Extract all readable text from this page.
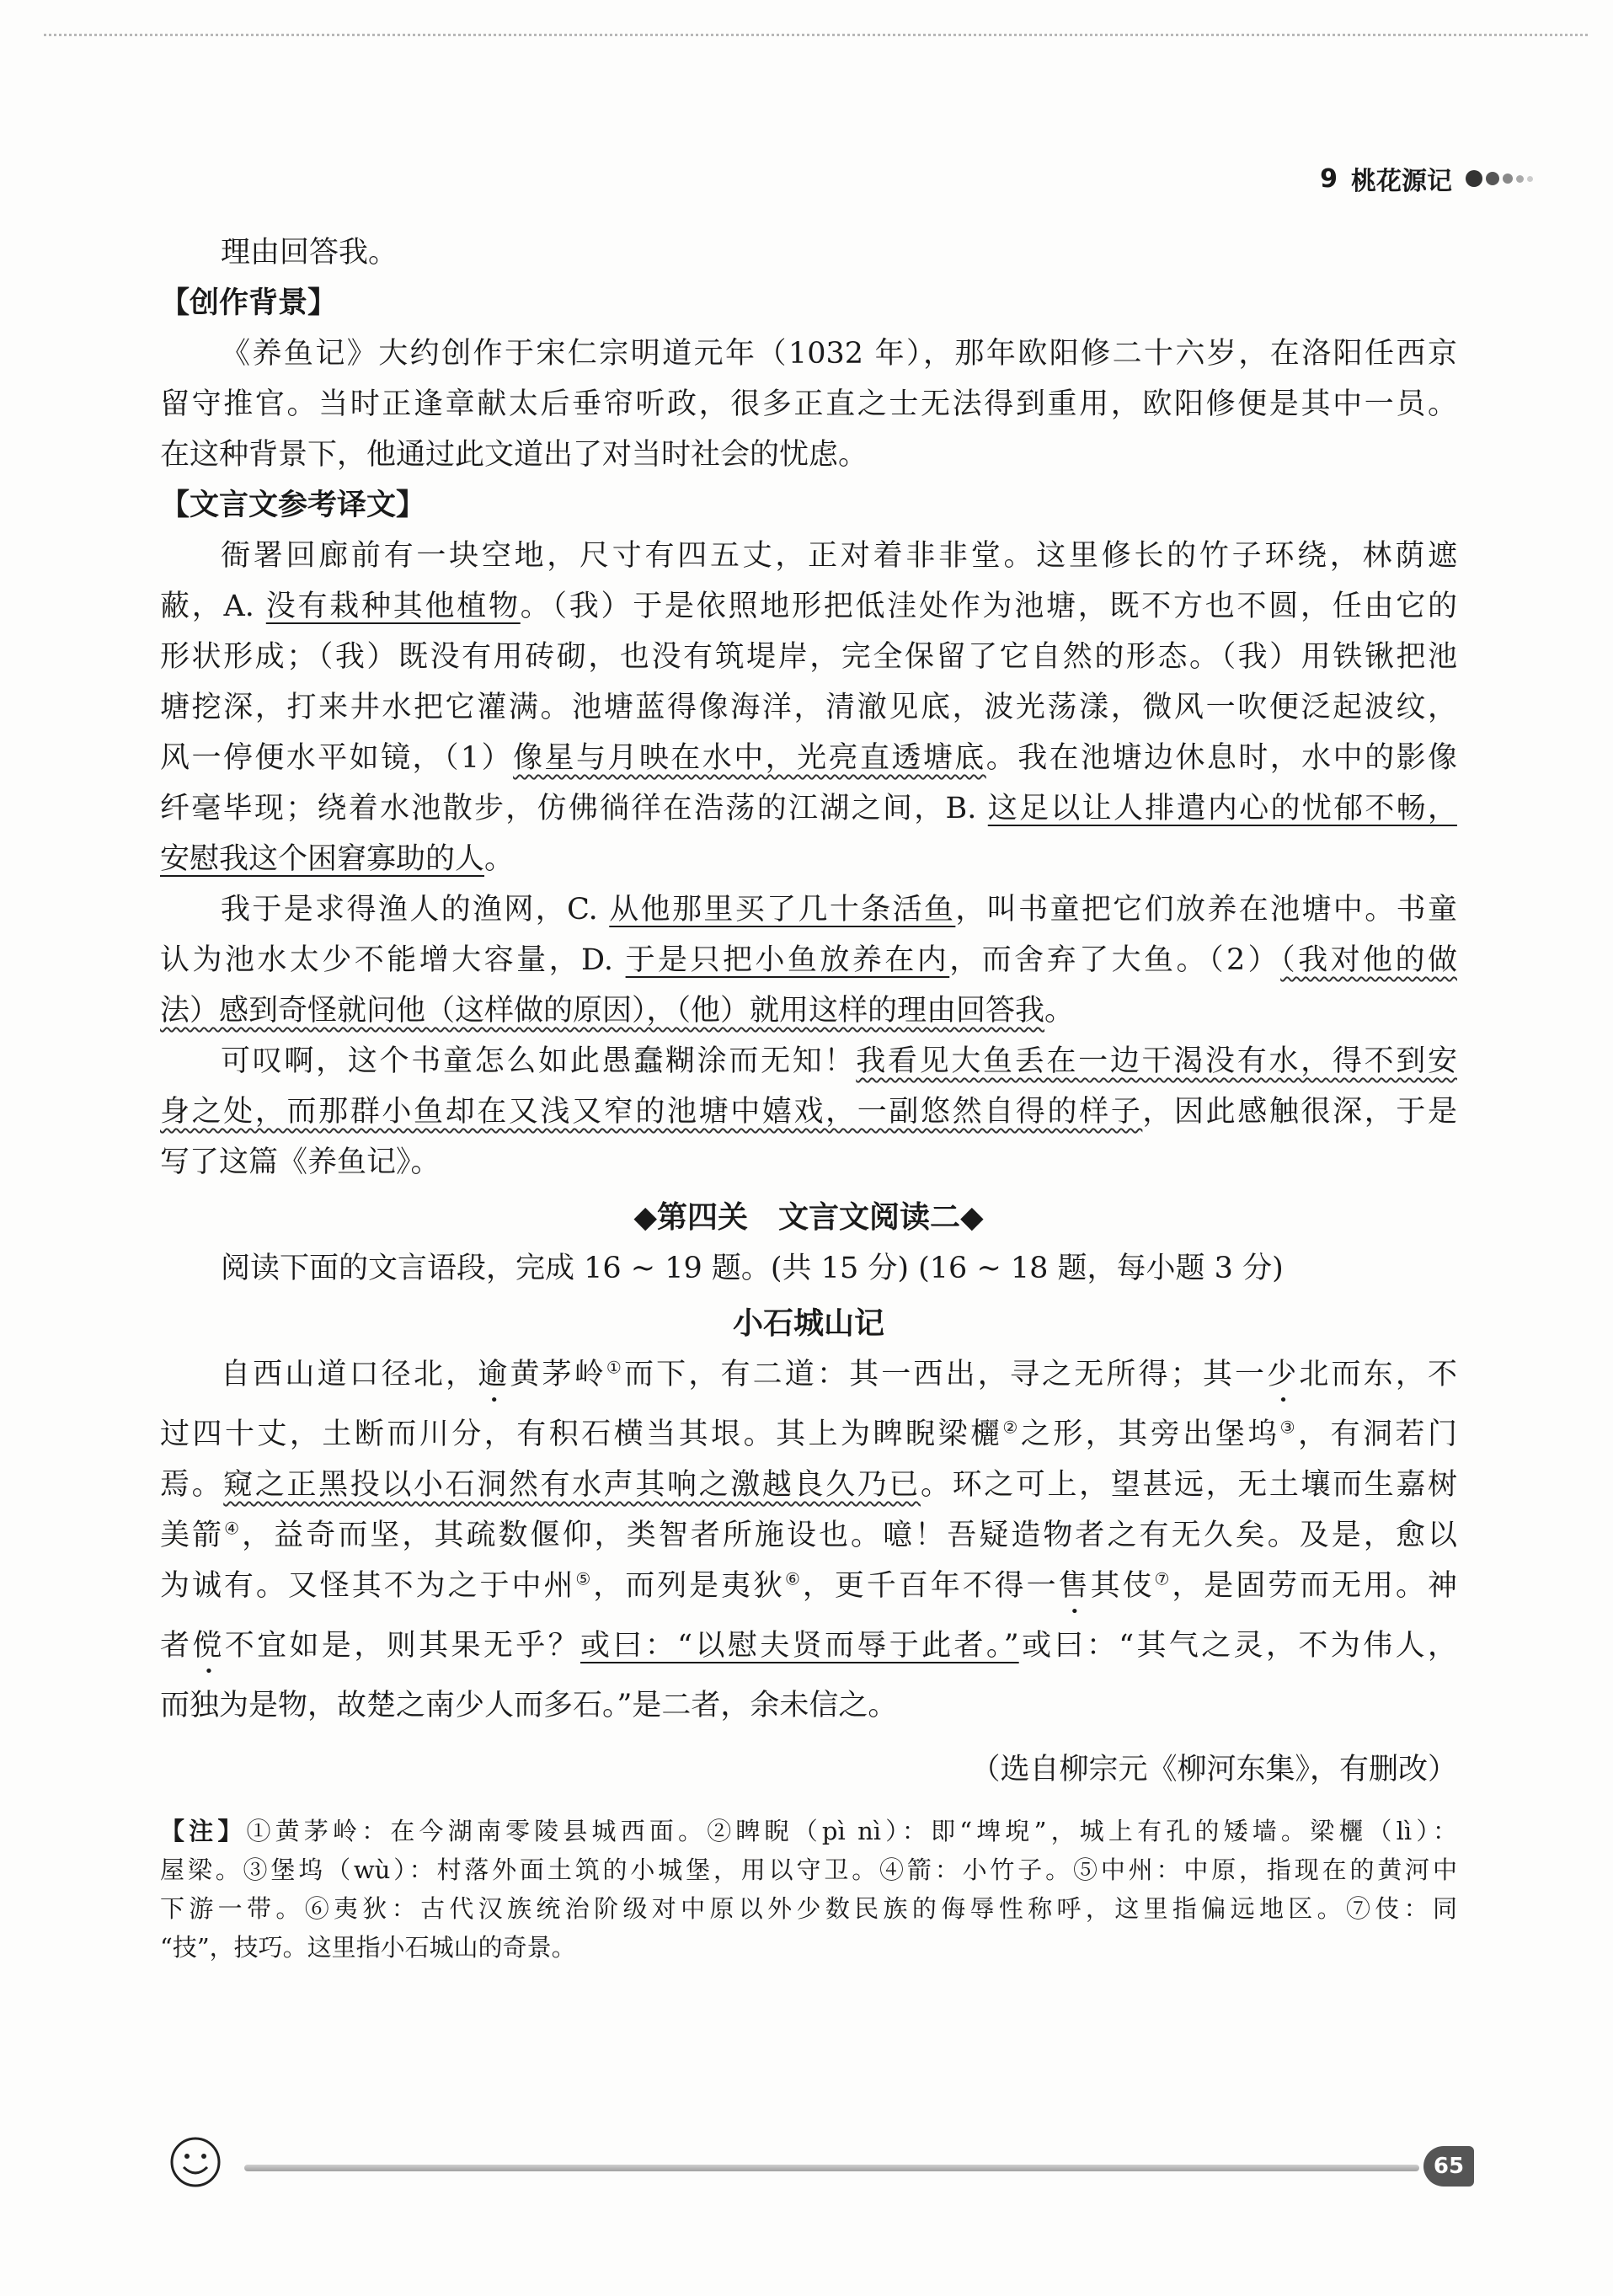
9 桃花源记
理由回答我。
【创作背景】
《养鱼记》大约创作于宋仁宗明道元年（1032 年），那年欧阳修二十六岁，在洛阳任西京
留守推官。当时正逢章献太后垂帘听政，很多正直之士无法得到重用，欧阳修便是其中一员。
在这种背景下，他通过此文道出了对当时社会的忧虑。
【文言文参考译文】
衙署回廊前有一块空地，尺寸有四五丈，正对着非非堂。这里修长的竹子环绕，林荫遮
蔽，A. 没有栽种其他植物。（我）于是依照地形把低洼处作为池塘，既不方也不圆，任由它的
形状形成；（我）既没有用砖砌，也没有筑堤岸，完全保留了它自然的形态。（我）用铁锹把池
塘挖深，打来井水把它灌满。池塘蓝得像海洋，清澈见底，波光荡漾，微风一吹便泛起波纹，
风一停便水平如镜，（1）像星与月映在水中，光亮直透塘底。我在池塘边休息时，水中的影像
纤毫毕现；绕着水池散步，仿佛徜徉在浩荡的江湖之间，B. 这足以让人排遣内心的忧郁不畅，
安慰我这个困窘寡助的人。
我于是求得渔人的渔网，C. 从他那里买了几十条活鱼，叫书童把它们放养在池塘中。书童
认为池水太少不能增大容量，D. 于是只把小鱼放养在内，而舍弃了大鱼。（2）（我对他的做
法）感到奇怪就问他（这样做的原因），（他）就用这样的理由回答我。
可叹啊，这个书童怎么如此愚蠢糊涂而无知！我看见大鱼丢在一边干渴没有水，得不到安
身之处，而那群小鱼却在又浅又窄的池塘中嬉戏，一副悠然自得的样子，因此感触很深，于是
写了这篇《养鱼记》。
◆第四关　文言文阅读二◆
阅读下面的文言语段，完成 16 ~ 19 题。(共 15 分) (16 ~ 18 题，每小题 3 分)
小石城山记
自西山道口径北，逾黄茅岭①而下，有二道：其一西出，寻之无所得；其一少北而东，不
过四十丈，土断而川分，有积石横当其垠。其上为睥睨梁欐②之形，其旁出堡坞③，有洞若门
焉。窥之正黑投以小石洞然有水声其响之激越良久乃已。环之可上，望甚远，无土壤而生嘉树
美箭④，益奇而坚，其疏数偃仰，类智者所施设也。噫！吾疑造物者之有无久矣。及是，愈以
为诚有。又怪其不为之于中州⑤，而列是夷狄⑥，更千百年不得一售其伎⑦，是固劳而无用。神
者傥不宜如是，则其果无乎？或曰：“以慰夫贤而辱于此者。”或曰：“其气之灵，不为伟人，
而独为是物，故楚之南少人而多石。”是二者，余未信之。
（选自柳宗元《柳河东集》，有删改）
【注】①黄茅岭：在今湖南零陵县城西面。②睥睨（pì nì）：即“埤堄”，城上有孔的矮墙。梁欐（lì）：
屋梁。③堡坞（wù）：村落外面土筑的小城堡，用以守卫。④箭：小竹子。⑤中州：中原，指现在的黄河中
下游一带。⑥夷狄：古代汉族统治阶级对中原以外少数民族的侮辱性称呼，这里指偏远地区。⑦伎：同
“技”，技巧。这里指小石城山的奇景。
65
